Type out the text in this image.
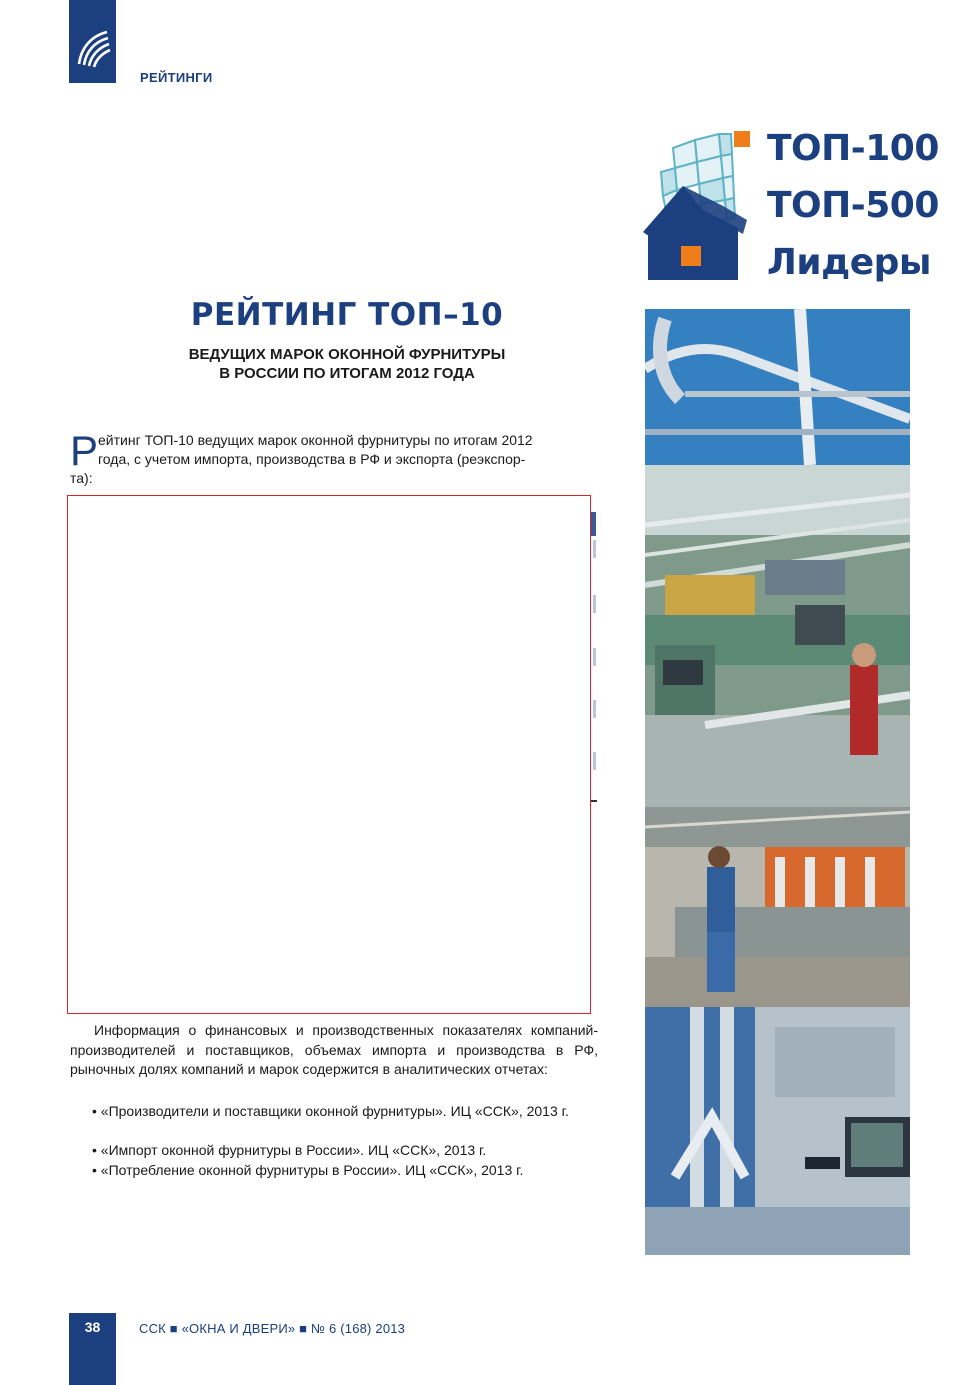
РЕЙТИНГИ
ТОП-100
ТОП-500
Лидеры
РЕЙТИНГ ТОП–10
ВЕДУЩИХ МАРОК ОКОННОЙ ФУРНИТУРЫ
В РОССИИ ПО ИТОГАМ 2012 ГОДА
Р ейтинг ТОП-10 ведущих марок оконной фурнитуры по итогам 2012
года, с учетом импорта, производства в РФ и экспорта (реэкспор-
та):
Информация о финансовых и производственных показателях компаний-производителей и поставщиков, объемах импорта и производства в РФ, рыночных долях компаний и марок содержится в аналитических отчетах:
• «Производители и поставщики оконной фурнитуры». ИЦ «ССК», 2013 г.
• «Импорт оконной фурнитуры в России». ИЦ «ССК», 2013 г.
• «Потребление оконной фурнитуры в России». ИЦ «ССК», 2013 г.
38	ССК ■ «ОКНА И ДВЕРИ» ■ № 6 (168) 2013
